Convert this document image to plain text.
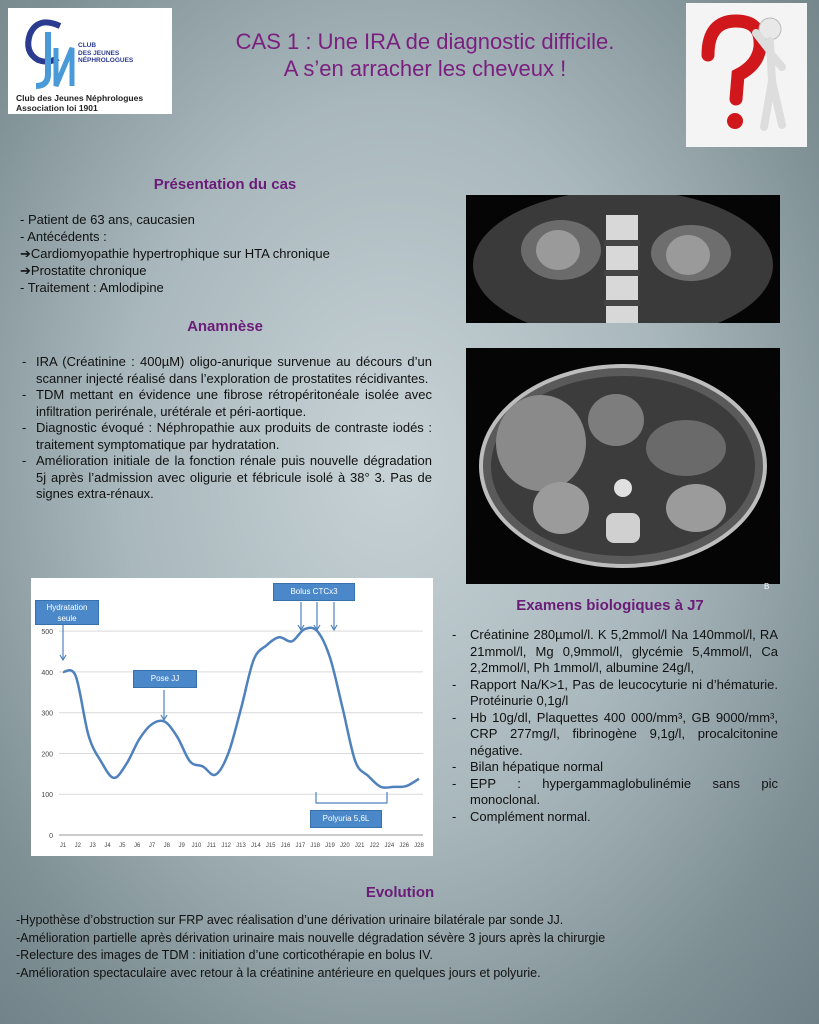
CLUB
DES JEUNES
NÉPHROLOGUES
Club des Jeunes Néphrologues
Association loi 1901
CAS 1 : Une IRA de diagnostic difficile.
A s’en arracher les cheveux !
Présentation du cas
- Patient de 63 ans, caucasien
- Antécédents :
➔Cardiomyopathie hypertrophique sur HTA chronique
➔Prostatite chronique
- Traitement : Amlodipine
Anamnèse
- IRA (Créatinine : 400µM) oligo-anurique survenue au décours d’un scanner injecté réalisé dans l’exploration de prostatites récidivantes.
- TDM mettant en évidence une fibrose rétropéritonéale isolée avec infiltration perirénale, urétérale et péri-aortique.
- Diagnostic évoqué : Néphropathie aux produits de contraste iodés : traitement symptomatique par hydratation.
- Amélioration initiale de la fonction rénale puis nouvelle dégradation 5j après l’admission avec oligurie et fébricule isolé à 38° 3. Pas de signes extra-rénaux.
B
0
100
200
300
400
500
J1 J2 J3 J4 J5 J6 J7 J8 J9 J10 J11 J12 J13 J14 J15 J16 J17 J18 J19 J20 J21 J22 J24 J26 J28
Hydratation seule
Pose JJ
Bolus CTCx3
Polyuria 5,6L
Examens biologiques à J7
- Créatinine 280µmol/l. K 5,2mmol/l Na 140mmol/l, RA 21mmol/l, Mg 0,9mmol/l, glycémie 5,4mmol/l, Ca 2,2mmol/l, Ph 1mmol/l, albumine 24g/l,
- Rapport Na/K>1, Pas de leucocyturie ni d’hématurie. Protéinurie 0,1g/l
- Hb 10g/dl, Plaquettes 400 000/mm³, GB 9000/mm³, CRP 277mg/l, fibrinogène 9,1g/l, procalcitonine négative.
- Bilan hépatique normal
- EPP : hypergammaglobulinémie sans pic monoclonal.
- Complément normal.
Evolution
-Hypothèse d’obstruction sur FRP avec réalisation d’une dérivation urinaire bilatérale par sonde JJ.
-Amélioration partielle après dérivation urinaire mais nouvelle dégradation sévère 3 jours après la chirurgie
-Relecture des images de TDM : initiation d’une corticothérapie en bolus IV.
-Amélioration spectaculaire avec retour à la créatinine antérieure en quelques jours et polyurie.
